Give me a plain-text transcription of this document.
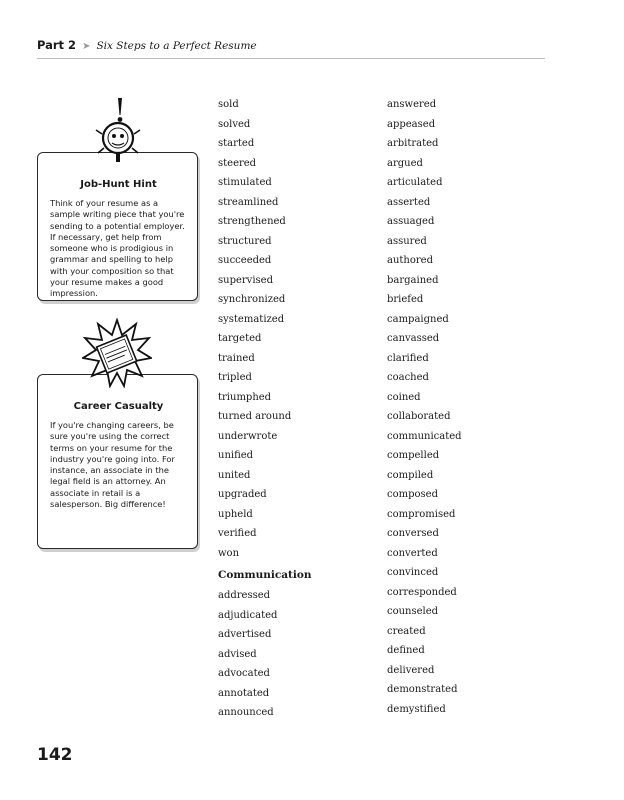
Part 2 ➤ Six Steps to a Perfect Resume
Job-Hunt Hint
Think of your resume as a sample writing piece that you're sending to a potential employer. If necessary, get help from someone who is prodigious in grammar and spelling to help with your composition so that your resume makes a good impression.
Career Casualty
If you're changing careers, be sure you're using the correct terms on your resume for the industry you're going into. For instance, an associate in the legal field is an attorney. An associate in retail is a salesperson. Big difference!
sold
solved
started
steered
stimulated
streamlined
strengthened
structured
succeeded
supervised
synchronized
systematized
targeted
trained
tripled
triumphed
turned around
underwrote
unified
united
upgraded
upheld
verified
won
Communication
addressed
adjudicated
advertised
advised
advocated
annotated
announced
answered
appeased
arbitrated
argued
articulated
asserted
assuaged
assured
authored
bargained
briefed
campaigned
canvassed
clarified
coached
coined
collaborated
communicated
compelled
compiled
composed
compromised
conversed
converted
convinced
corresponded
counseled
created
defined
delivered
demonstrated
demystified
142
